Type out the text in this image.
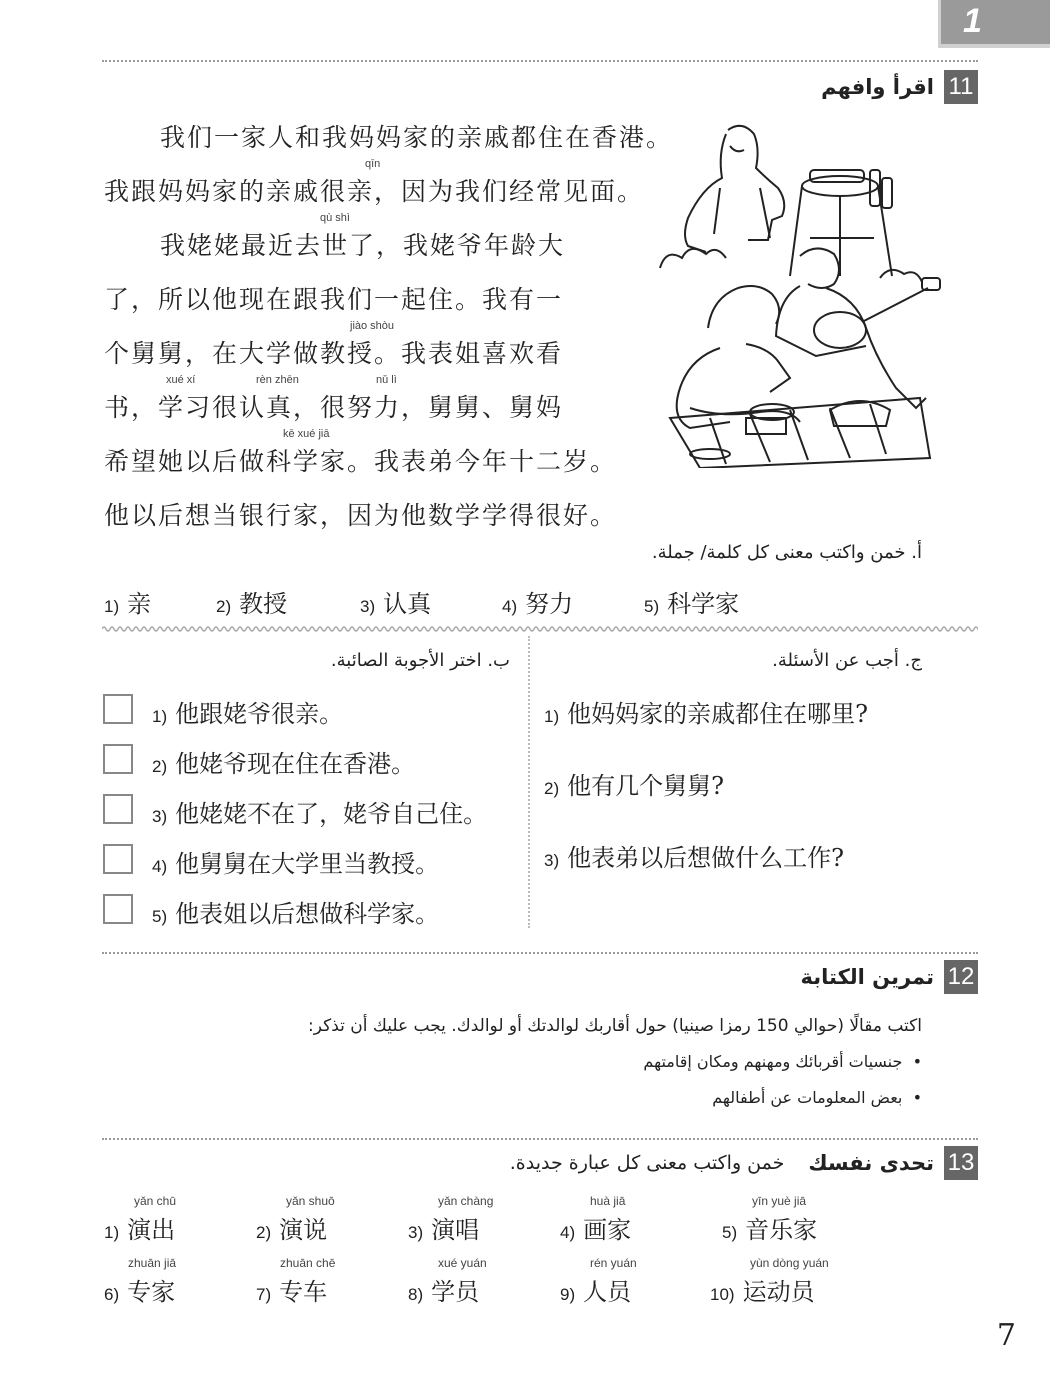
1
11
اقرأ وافهم
我们一家人和我妈妈家的亲戚都住在香港。
我跟妈妈家的亲戚很亲，因为我们经常见面。
我姥姥最近去世了，我姥爷年龄大
了，所以他现在跟我们一起住。我有一
个舅舅，在大学做教授。我表姐喜欢看
书，学习很认真，很努力，舅舅、舅妈
希望她以后做科学家。我表弟今年十二岁。
他以后想当银行家，因为他数学学得很好。
qīn
qù shì
jiào shòu
xué xí	rèn zhēn	nǔ lì
kē xué jiā
أ. خمن واكتب معنى كل كلمة/ جملة.
1) 亲	2) 教授	3) 认真	4) 努力	5) 科学家
ب. اختر الأجوبة الصائبة.
1) 他跟姥爷很亲。
2) 他姥爷现在住在香港。
3) 他姥姥不在了，姥爷自己住。
4) 他舅舅在大学里当教授。
5) 他表姐以后想做科学家。
ج. أجب عن الأسئلة.
1) 他妈妈家的亲戚都住在哪里?
2) 他有几个舅舅?
3) 他表弟以后想做什么工作?
12
تمرين الكتابة
اكتب مقالًا (حوالي 150 رمزا صينيا) حول أقاربك لوالدتك أو لوالدك. يجب عليك أن تذكر:
•  جنسيات أقربائك ومهنهم ومكان إقامتهم
•  بعض المعلومات عن أطفالهم
13
تحدى نفسك
خمن واكتب معنى كل عبارة جديدة.
yǎn chū
1) 演出
yǎn shuō
2) 演说
yǎn chàng
3) 演唱
huà jiā
4) 画家
yīn yuè jiā
5) 音乐家
zhuān jiā
6) 专家
zhuān chē
7) 专车
xué yuán
8) 学员
rén yuán
9) 人员
yùn dòng yuán
10) 运动员
7
